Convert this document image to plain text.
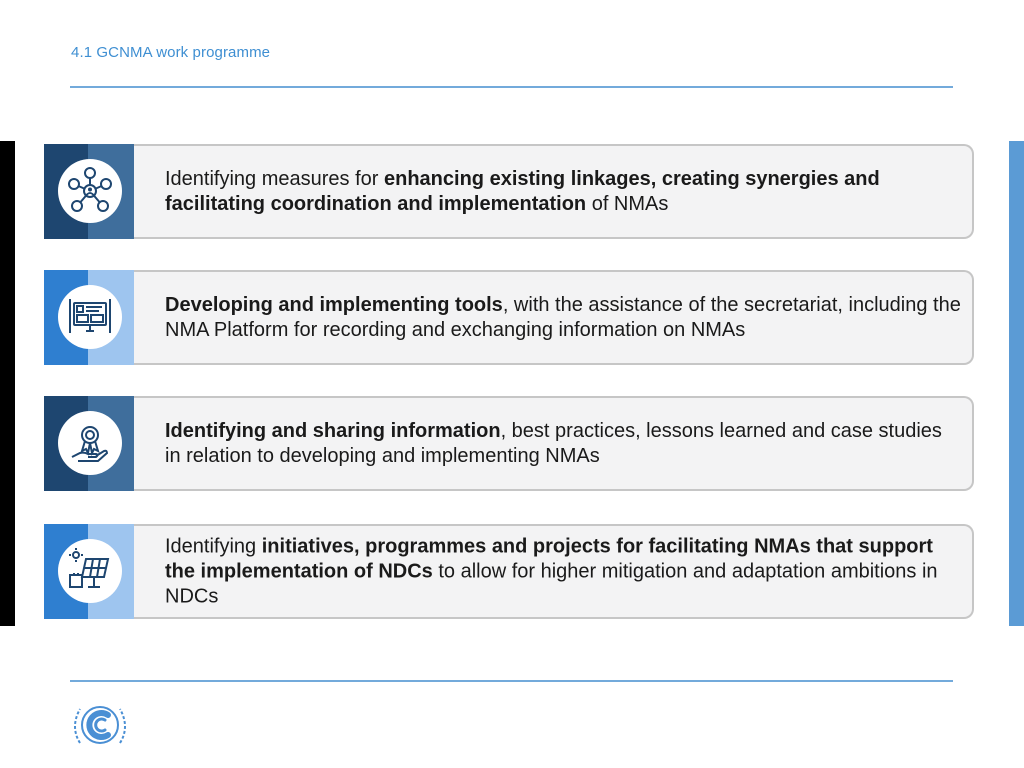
4.1 GCNMA work programme
Identifying measures for enhancing existing linkages, creating synergies and facilitating coordination and implementation of NMAs
Developing and implementing tools, with the assistance of the secretariat, including the NMA Platform for recording and exchanging information on NMAs
Identifying and sharing information, best practices, lessons learned and case studies in relation to developing and implementing NMAs
Identifying initiatives, programmes and projects for facilitating NMAs that support the implementation of NDCs to allow for higher mitigation and adaptation ambitions in NDCs
